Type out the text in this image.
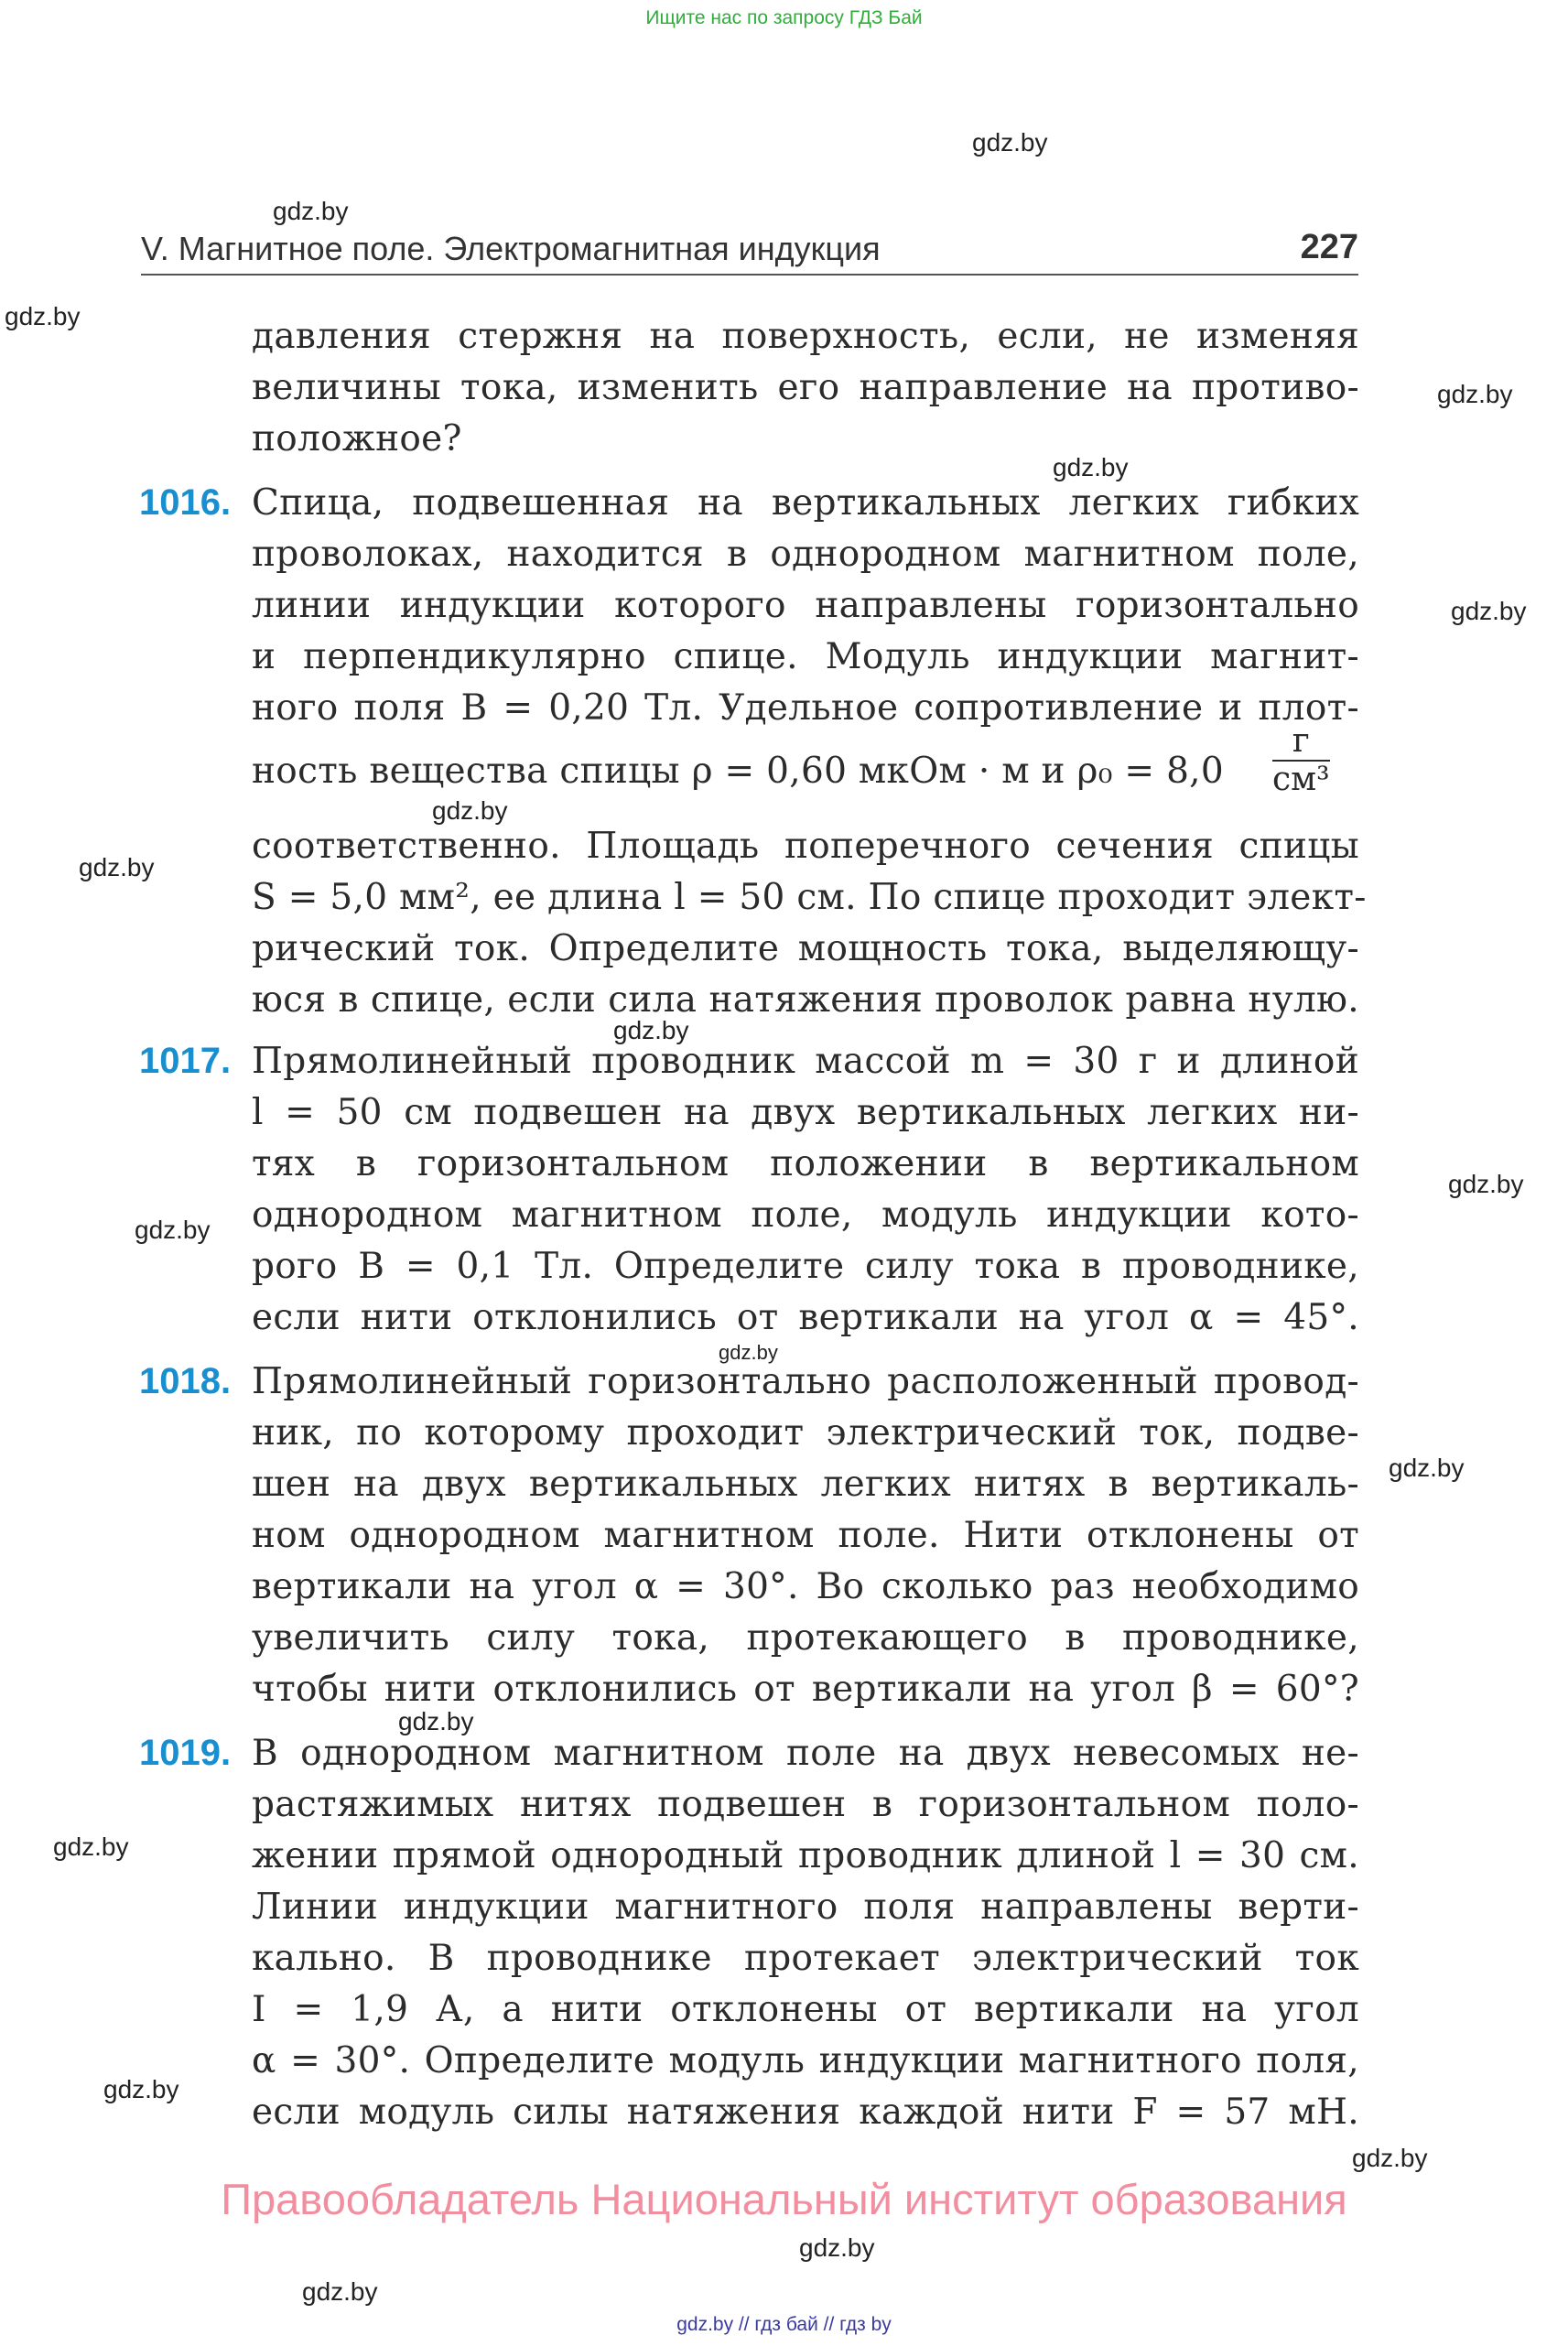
Ищите нас по запросу ГДЗ Бай
gdz.by
gdz.by
gdz.by
gdz.by
gdz.by
gdz.by
gdz.by
gdz.by
gdz.by
gdz.by
gdz.by
gdz.by
gdz.by
gdz.by
gdz.by
gdz.by
gdz.by
gdz.by
gdz.by
V. Магнитное поле. Электромагнитная индукция	227
давления стержня на поверхность, если, не изменяя
величины тока, изменить его направление на противо-
положное?
1016. Спица, подвешенная на вертикальных легких гибких
проволоках, находится в однородном магнитном поле,
линии индукции которого направлены горизонтально
и перпендикулярно спице. Модуль индукции магнит-
ного поля B = 0,20 Тл. Удельное сопротивление и плот-
ность вещества спицы ρ = 0,60 мкОм · м и ρ₀ = 8,0
г
см³
соответственно. Площадь поперечного сечения спицы
S = 5,0 мм², ее длина l = 50 см. По спице проходит элект-
рический ток. Определите мощность тока, выделяющу-
юся в спице, если сила натяжения проволок равна нулю.
1017. Прямолинейный проводник массой m = 30 г и длиной
l = 50 см подвешен на двух вертикальных легких ни-
тях в горизонтальном положении в вертикальном
однородном магнитном поле, модуль индукции кото-
рого B = 0,1 Тл. Определите силу тока в проводнике,
если нити отклонились от вертикали на угол α = 45°.
1018. Прямолинейный горизонтально расположенный провод-
ник, по которому проходит электрический ток, подве-
шен на двух вертикальных легких нитях в вертикаль-
ном однородном магнитном поле. Нити отклонены от
вертикали на угол α = 30°. Во сколько раз необходимо
увеличить силу тока, протекающего в проводнике,
чтобы нити отклонились от вертикали на угол β = 60°?
1019. В однородном магнитном поле на двух невесомых не-
растяжимых нитях подвешен в горизонтальном поло-
жении прямой однородный проводник длиной l = 30 см.
Линии индукции магнитного поля направлены верти-
кально. В проводнике протекает электрический ток
I = 1,9 А, а нити отклонены от вертикали на угол
α = 30°. Определите модуль индукции магнитного поля,
если модуль силы натяжения каждой нити F = 57 мН.
Правообладатель Национальный институт образования
gdz.by // гдз бай // гдз by
